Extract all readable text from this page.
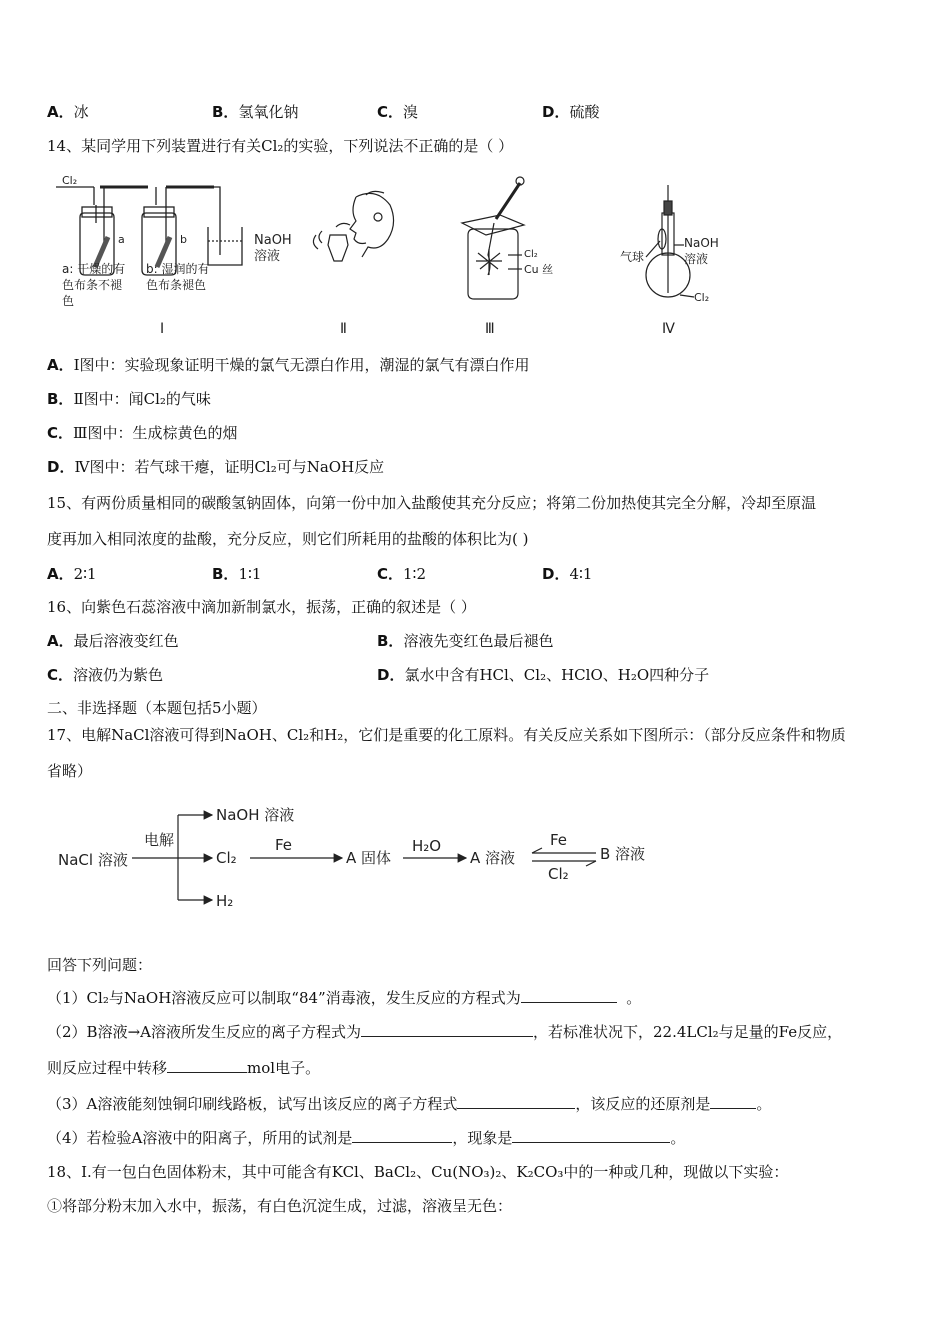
A．冰	B．氢氧化钠	C．溴	D．硫酸
14、某同学用下列装置进行有关Cl₂的实验，下列说法不正确的是（ ）
Cl₂
a	b	NaOH
溶液
a: 干燥的有
色布条不褪
色
b: 湿润的有
色布条褪色
Cl₂
Cu 丝
气球
NaOH
溶液
Cl₂
Ⅰ	Ⅱ	Ⅲ	Ⅳ
A．Ⅰ图中：实验现象证明干燥的氯气无漂白作用，潮湿的氯气有漂白作用
B．Ⅱ图中：闻Cl₂的气味
C．Ⅲ图中：生成棕黄色的烟
D．Ⅳ图中：若气球干瘪，证明Cl₂可与NaOH反应
15、有两份质量相同的碳酸氢钠固体，向第一份中加入盐酸使其充分反应；将第二份加热使其完全分解，冷却至原温
度再加入相同浓度的盐酸，充分反应，则它们所耗用的盐酸的体积比为( )
A．2∶1	B．1∶1	C．1∶2	D．4∶1
16、向紫色石蕊溶液中滴加新制氯水，振荡，正确的叙述是（ ）
A．最后溶液变红色	B．溶液先变红色最后褪色
C．溶液仍为紫色	D．氯水中含有HCl、Cl₂、HClO、H₂O四种分子
二、非选择题（本题包括5小题）
17、电解NaCl溶液可得到NaOH、Cl₂和H₂，它们是重要的化工原料。有关反应关系如下图所示：（部分反应条件和物质
省略）
NaCl 溶液
电解
NaOH 溶液
Cl₂
H₂
Fe
A 固体
H₂O
A 溶液
Fe
Cl₂
B 溶液
回答下列问题：
（1）Cl₂与NaOH溶液反应可以制取“84”消毒液，发生反应的方程式为	。
（2）B溶液→A溶液所发生反应的离子方程式为	，若标准状况下，22.4LCl₂与足量的Fe反应，
则反应过程中转移	mol电子。
（3）A溶液能刻蚀铜印刷线路板，试写出该反应的离子方程式	，该反应的还原剂是	。
（4）若检验A溶液中的阳离子，所用的试剂是	，现象是	。
18、Ⅰ.有一包白色固体粉末，其中可能含有KCl、BaCl₂、Cu(NO₃)₂、K₂CO₃中的一种或几种，现做以下实验：
①将部分粉末加入水中，振荡，有白色沉淀生成，过滤，溶液呈无色：
